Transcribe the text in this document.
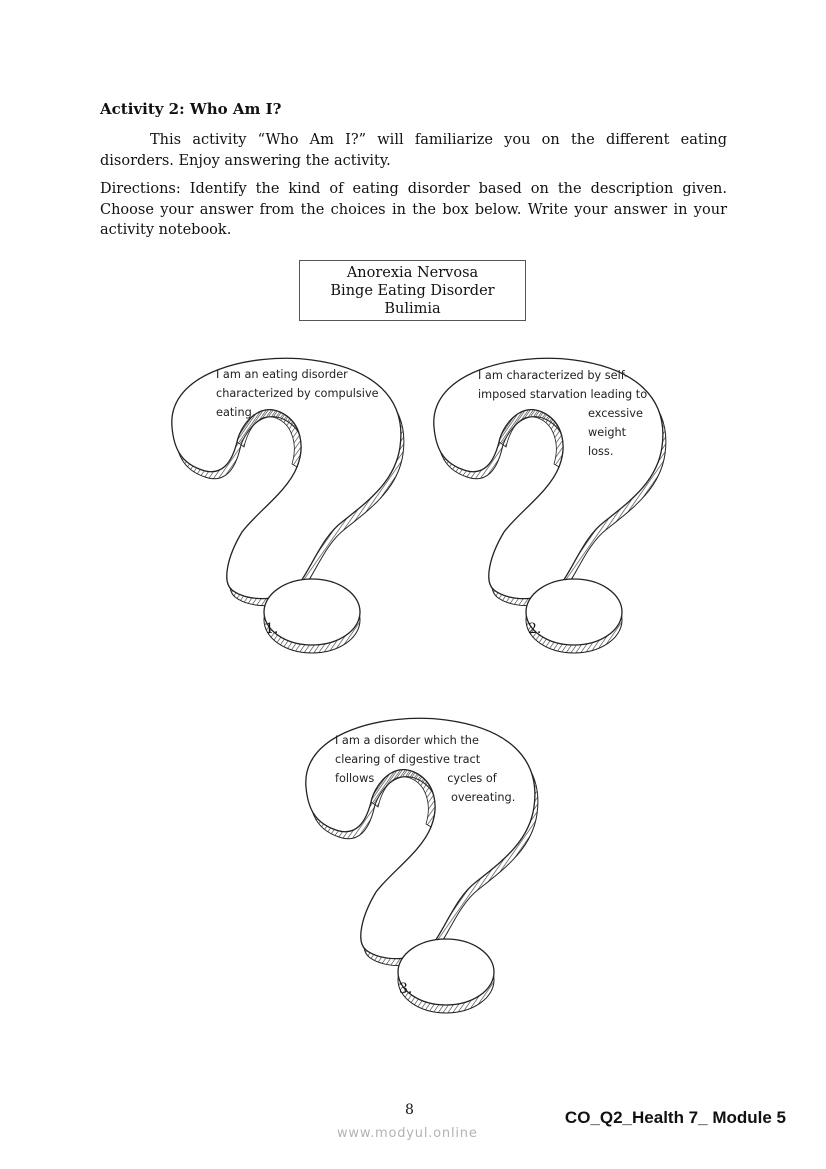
Activity 2: Who Am I?

This activity “Who Am I?” will familiarize you on the different eating disorders. Enjoy answering the activity.

Directions: Identify the kind of eating disorder based on the description given. Choose your answer from the choices in the box below. Write your answer in your activity notebook.

Anorexia Nervosa
Binge Eating Disorder
Bulimia
I am an eating disorder
characterized by compulsive
eating.

1.

I am characterized by self-
imposed starvation leading to
excessive
weight
loss.

2.

I am a disorder which the
clearing of digestive tract
follows	cycles of
overeating.

3.

8	CO_Q2_Health 7_ Module 5

www.modyul.online
